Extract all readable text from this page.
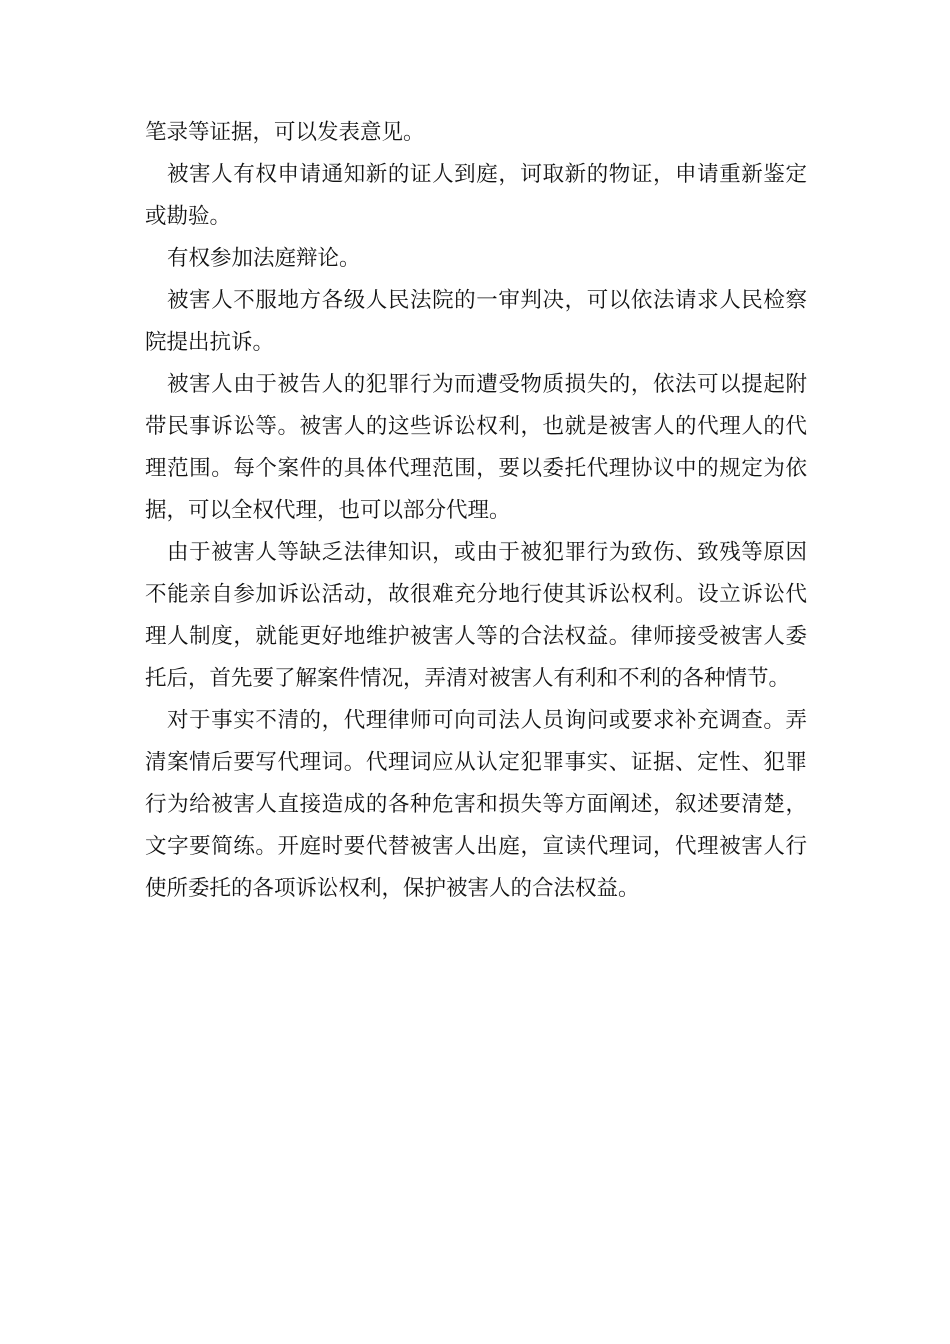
笔录等证据，可以发表意见。

被害人有权申请通知新的证人到庭，诃取新的物证，申请重新鉴定或勘验。

有权参加法庭辩论。

被害人不服地方各级人民法院的一审判决，可以依法请求人民检察院提出抗诉。

被害人由于被告人的犯罪行为而遭受物质损失的，依法可以提起附带民事诉讼等。被害人的这些诉讼权利，也就是被害人的代理人的代理范围。每个案件的具体代理范围，要以委托代理协议中的规定为依据，可以全权代理，也可以部分代理。

由于被害人等缺乏法律知识，或由于被犯罪行为致伤、致残等原因不能亲自参加诉讼活动，故很难充分地行使其诉讼权利。设立诉讼代理人制度，就能更好地维护被害人等的合法权益。律师接受被害人委托后，首先要了解案件情况，弄清对被害人有利和不利的各种情节。

对于事实不清的，代理律师可向司法人员询问或要求补充调查。弄清案情后要写代理词。代理词应从认定犯罪事实、证据、定性、犯罪行为给被害人直接造成的各种危害和损失等方面阐述，叙述要清楚，文字要简练。开庭时要代替被害人出庭，宣读代理词，代理被害人行使所委托的各项诉讼权利，保护被害人的合法权益。
